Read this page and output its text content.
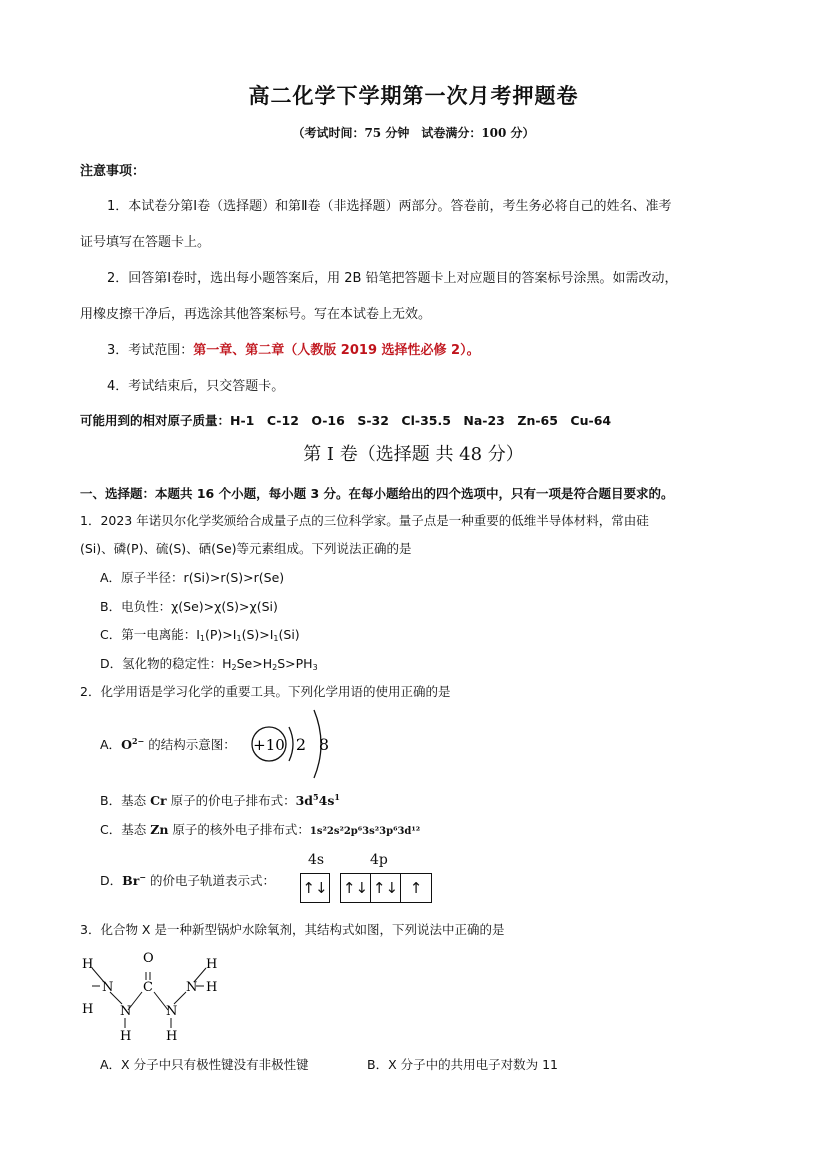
高二化学下学期第一次月考押题卷
（考试时间：75 分钟　试卷满分：100 分）
注意事项：
1．本试卷分第Ⅰ卷（选择题）和第Ⅱ卷（非选择题）两部分。答卷前，考生务必将自己的姓名、准考
证号填写在答题卡上。
2．回答第Ⅰ卷时，选出每小题答案后，用 2B 铅笔把答题卡上对应题目的答案标号涂黑。如需改动，
用橡皮擦干净后，再选涂其他答案标号。写在本试卷上无效。
3．考试范围：第一章、第二章（人教版 2019 选择性必修 2）。
4．考试结束后，只交答题卡。
可能用到的相对原子质量：H-1　C-12　O-16　S-32　Cl-35.5　Na-23　Zn-65　Cu-64
第 I 卷（选择题 共 48 分）
一、选择题：本题共 16 个小题，每小题 3 分。在每小题给出的四个选项中，只有一项是符合题目要求的。
1．2023 年诺贝尔化学奖颁给合成量子点的三位科学家。量子点是一种重要的低维半导体材料，常由硅
(Si)、磷(P)、硫(S)、硒(Se)等元素组成。下列说法正确的是
A．原子半径：r(Si)>r(S)>r(Se)
B．电负性：χ(Se)>χ(S)>χ(Si)
C．第一电离能：$I_1(P)>I_1(S)>I_1(Si)$
D．氢化物的稳定性：$H_2Se>H_2S>PH_3$
2．化学用语是学习化学的重要工具。下列化学用语的使用正确的是
A．$O^{2-}$ 的结构示意图： +10 2 8
B．基态 Cr 原子的价电子排布式：$3d^54s^1$
C．基态 Zn 原子的核外电子排布式：1s²2s²2p⁶3s²3p⁶3d¹²
D．Br− 的价电子轨道表示式：
4s	4p
↑↓ ↑↓ ↑↓ ↑
3．化合物 X 是一种新型锅炉水除氧剂，其结构式如图，下列说法中正确的是
H
N
H N
H
O
C
N
H
N
H
H
A．X 分子中只有极性键没有非极性键	B．X 分子中的共用电子对数为 11
